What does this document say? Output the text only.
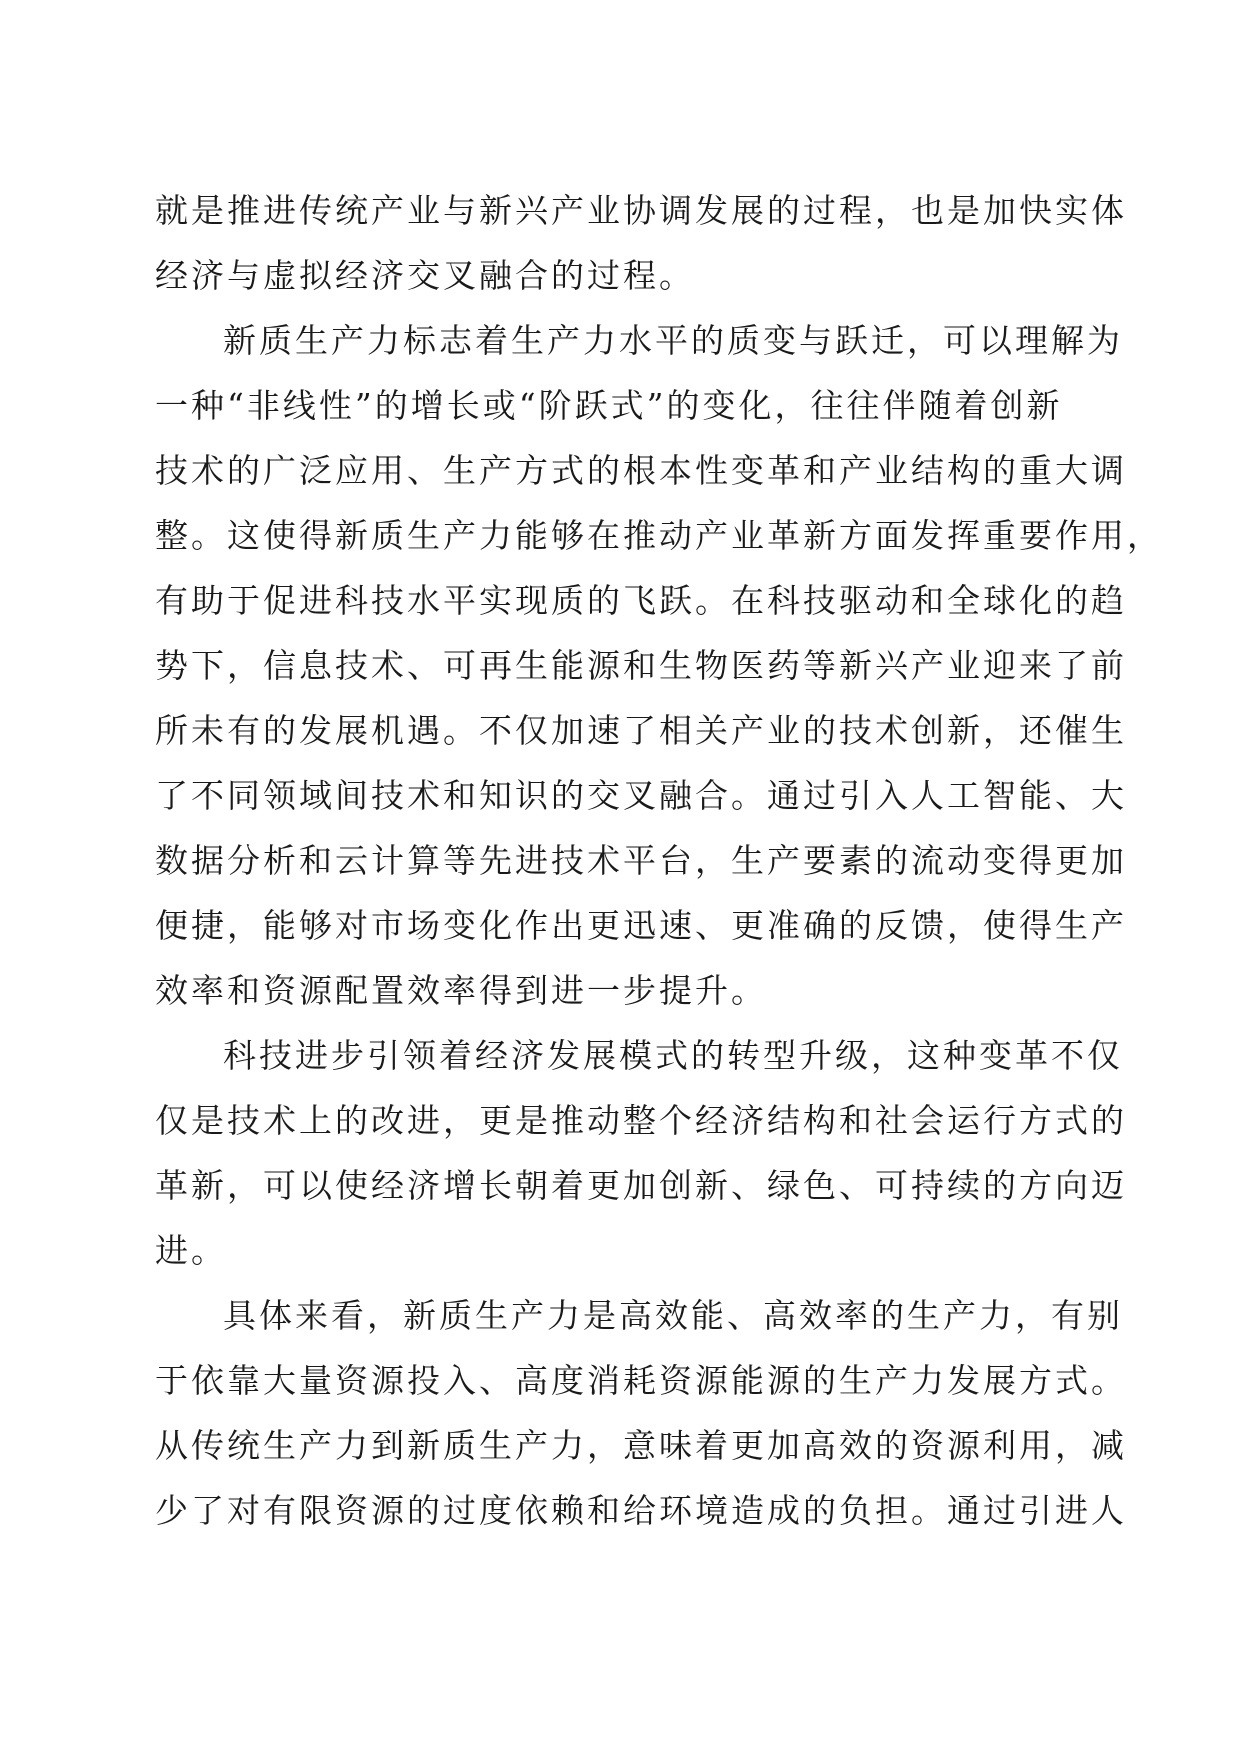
就是推进传统产业与新兴产业协调发展的过程，也是加快实体
经济与虚拟经济交叉融合的过程。
新质生产力标志着生产力水平的质变与跃迁，可以理解为
一种“非线性”的增长或“阶跃式”的变化，往往伴随着创新
技术的广泛应用、生产方式的根本性变革和产业结构的重大调
整。这使得新质生产力能够在推动产业革新方面发挥重要作用，
有助于促进科技水平实现质的飞跃。在科技驱动和全球化的趋
势下，信息技术、可再生能源和生物医药等新兴产业迎来了前
所未有的发展机遇。不仅加速了相关产业的技术创新，还催生
了不同领域间技术和知识的交叉融合。通过引入人工智能、大
数据分析和云计算等先进技术平台，生产要素的流动变得更加
便捷，能够对市场变化作出更迅速、更准确的反馈，使得生产
效率和资源配置效率得到进一步提升。
科技进步引领着经济发展模式的转型升级，这种变革不仅
仅是技术上的改进，更是推动整个经济结构和社会运行方式的
革新，可以使经济增长朝着更加创新、绿色、可持续的方向迈
进。
具体来看，新质生产力是高效能、高效率的生产力，有别
于依靠大量资源投入、高度消耗资源能源的生产力发展方式。
从传统生产力到新质生产力，意味着更加高效的资源利用，减
少了对有限资源的过度依赖和给环境造成的负担。通过引进人
